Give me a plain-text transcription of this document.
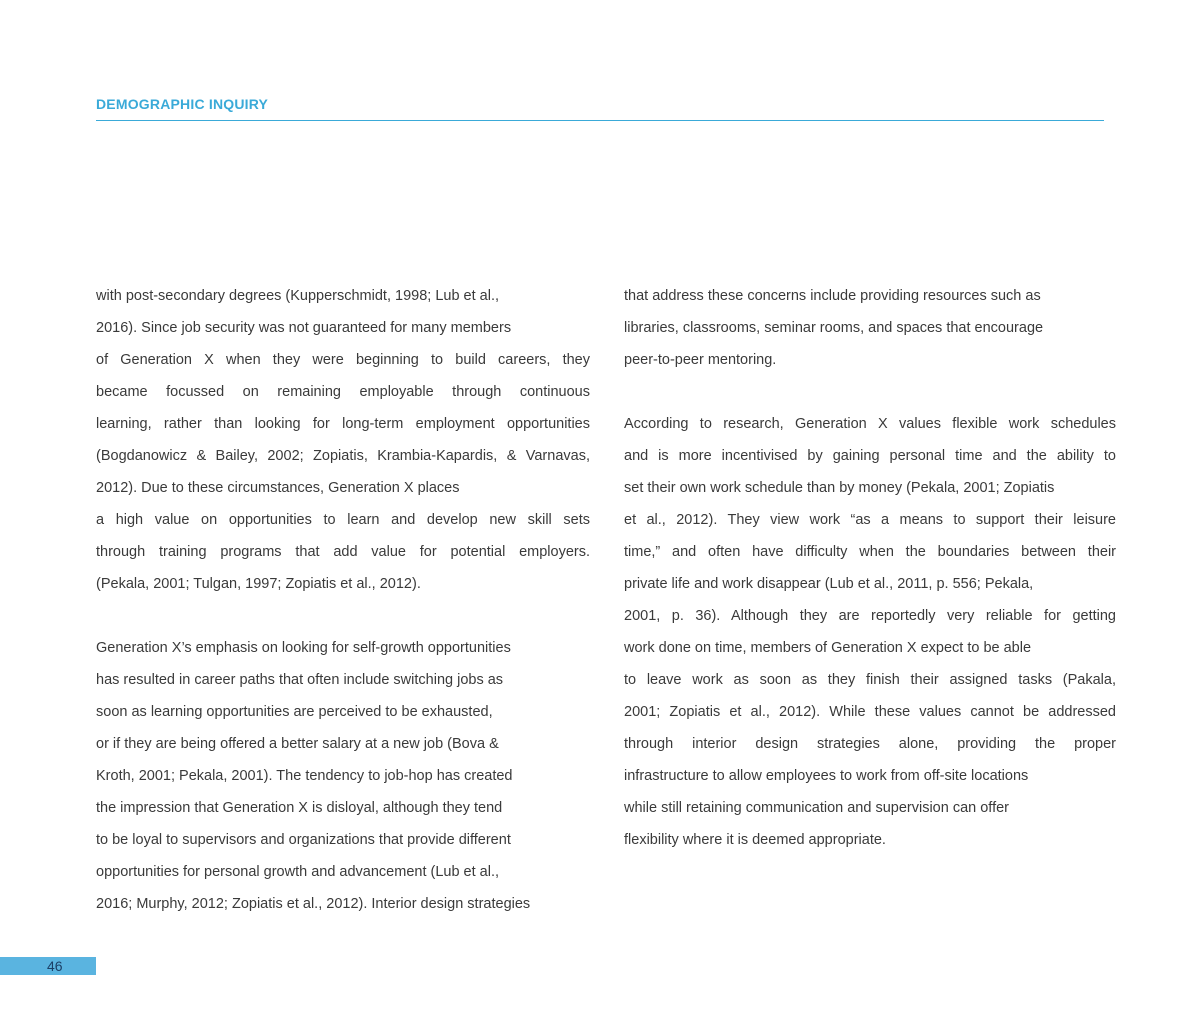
DEMOGRAPHIC INQUIRY
with post-secondary degrees (Kupperschmidt, 1998; Lub et al.,
2016). Since job security was not guaranteed for many members
of Generation X when they were beginning to build careers, they
became focussed on remaining employable through continuous
learning, rather than looking for long-term employment opportunities
(Bogdanowicz & Bailey, 2002; Zopiatis, Krambia-Kapardis, & Varnavas,
2012). Due to these circumstances, Generation X places
a high value on opportunities to learn and develop new skill sets
through training programs that add value for potential employers.
(Pekala, 2001; Tulgan, 1997; Zopiatis et al., 2012).
Generation X’s emphasis on looking for self-growth opportunities
has resulted in career paths that often include switching jobs as
soon as learning opportunities are perceived to be exhausted,
or if they are being offered a better salary at a new job (Bova &
Kroth, 2001; Pekala, 2001). The tendency to job-hop has created
the impression that Generation X is disloyal, although they tend
to be loyal to supervisors and organizations that provide different
opportunities for personal growth and advancement (Lub et al.,
2016; Murphy, 2012; Zopiatis et al., 2012). Interior design strategies
that address these concerns include providing resources such as
libraries, classrooms, seminar rooms, and spaces that encourage
peer-to-peer mentoring.
According to research, Generation X values flexible work schedules
and is more incentivised by gaining personal time and the ability to
set their own work schedule than by money (Pekala, 2001; Zopiatis
et al., 2012). They view work “as a means to support their leisure
time,” and often have difficulty when the boundaries between their
private life and work disappear (Lub et al., 2011, p. 556; Pekala,
2001, p. 36). Although they are reportedly very reliable for getting
work done on time, members of Generation X expect to be able
to leave work as soon as they finish their assigned tasks (Pakala,
2001; Zopiatis et al., 2012). While these values cannot be addressed
through interior design strategies alone, providing the proper
infrastructure to allow employees to work from off-site locations
while still retaining communication and supervision can offer
flexibility where it is deemed appropriate.
46
